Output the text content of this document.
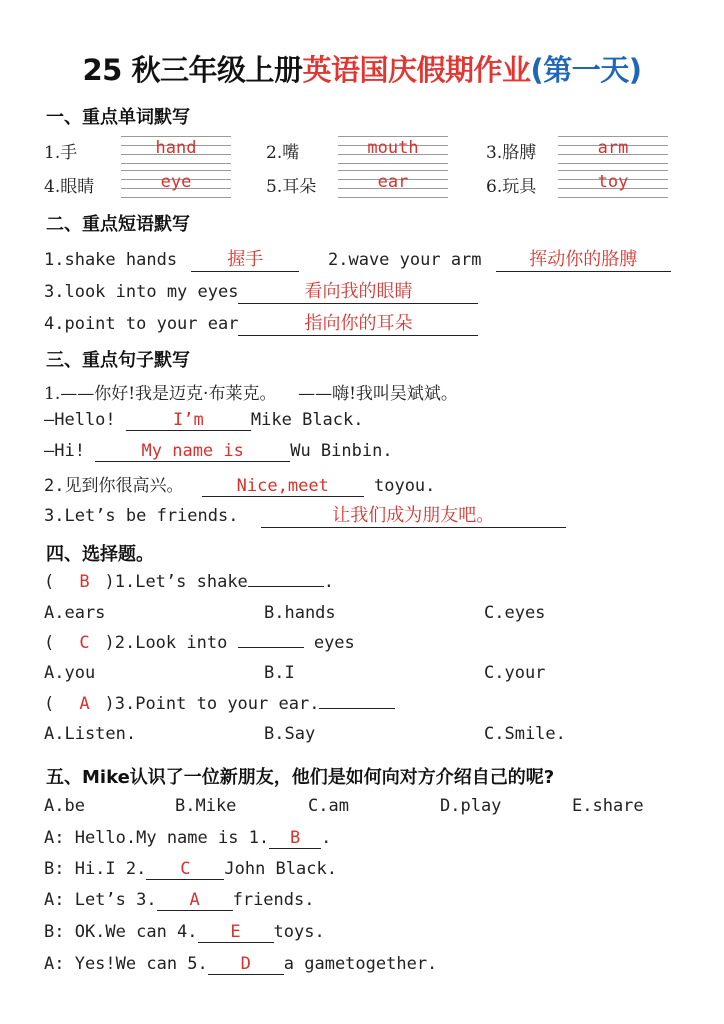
25 秋三年级上册英语国庆假期作业(第一天)
一、重点单词默写
1.手	hand	2.嘴	mouth	3.胳膊	arm
4.眼睛	eye	5.耳朵	ear	6.玩具	toy
二、重点短语默写
1.shake hands	握手	2.wave your arm	挥动你的胳膊
3.look into my eyes	看向我的眼睛
4.point to your ear	指向你的耳朵
三、重点句子默写
1.——你好!我是迈克·布莱克。    ——嗨!我叫吴斌斌。
—Hello!	I’m	Mike Black.
—Hi!	My name is	Wu Binbin.
2.见到你很高兴。	Nice,meet	toyou.
3.Let’s be friends.	让我们成为朋友吧。
四、选择题。
( B )1.Let’s shake	.
A.ears	B.hands	C.eyes
( C )2.Look into	eyes
A.you	B.I	C.your
( A )3.Point to your ear.
A.Listen.	B.Say	C.Smile.
五、Mike认识了一位新朋友，他们是如何向对方介绍自己的呢?
A.be	B.Mike	C.am	D.play	E.share
A: Hello.My name is 1. B .
B: Hi.I 2. C John Black.
A: Let’s 3. A friends.
B: OK.We can 4. E toys.
A: Yes!We can 5. D a gametogether.
